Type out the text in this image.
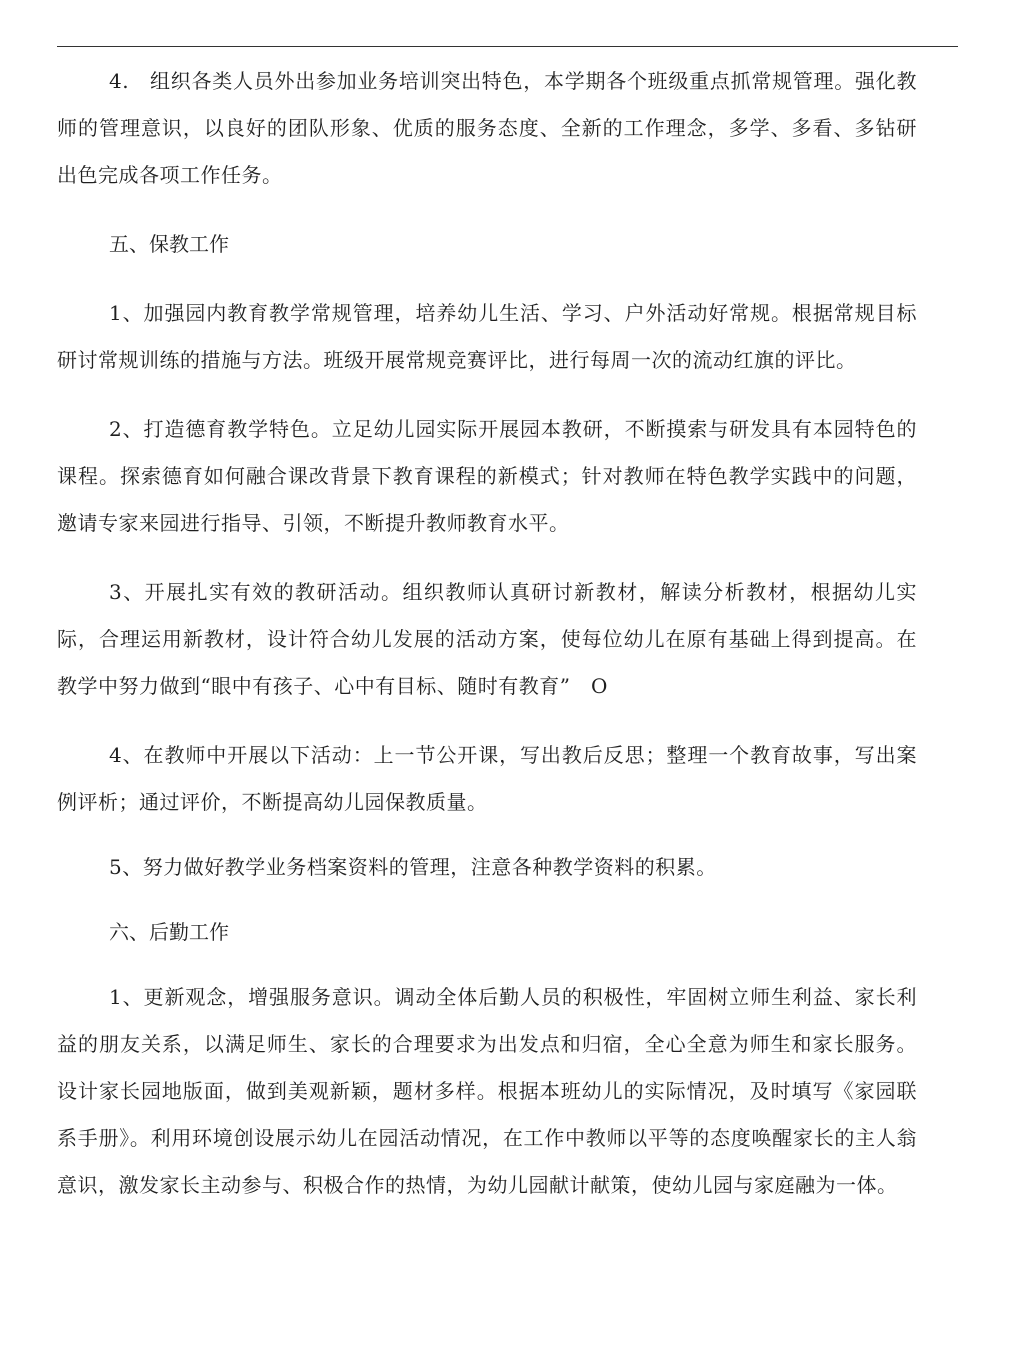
4.　组织各类人员外出参加业务培训突出特色，本学期各个班级重点抓常规管理。强化教师的管理意识，以良好的团队形象、优质的服务态度、全新的工作理念，多学、多看、多钻研出色完成各项工作任务。

五、保教工作

1、加强园内教育教学常规管理，培养幼儿生活、学习、户外活动好常规。根据常规目标研讨常规训练的措施与方法。班级开展常规竞赛评比，进行每周一次的流动红旗的评比。

2、打造德育教学特色。立足幼儿园实际开展园本教研，不断摸索与研发具有本园特色的课程。探索德育如何融合课改背景下教育课程的新模式；针对教师在特色教学实践中的问题，邀请专家来园进行指导、引领，不断提升教师教育水平。

3、开展扎实有效的教研活动。组织教师认真研讨新教材，解读分析教材，根据幼儿实际，合理运用新教材，设计符合幼儿发展的活动方案，使每位幼儿在原有基础上得到提高。在教学中努力做到“眼中有孩子、心中有目标、随时有教育”　O

4、在教师中开展以下活动：上一节公开课，写出教后反思；整理一个教育故事，写出案例评析；通过评价，不断提高幼儿园保教质量。

5、努力做好教学业务档案资料的管理，注意各种教学资料的积累。

六、后勤工作

1、更新观念，增强服务意识。调动全体后勤人员的积极性，牢固树立师生利益、家长利益的朋友关系，以满足师生、家长的合理要求为出发点和归宿，全心全意为师生和家长服务。设计家长园地版面，做到美观新颖，题材多样。根据本班幼儿的实际情况，及时填写《家园联系手册》。利用环境创设展示幼儿在园活动情况，在工作中教师以平等的态度唤醒家长的主人翁意识，激发家长主动参与、积极合作的热情，为幼儿园献计献策，使幼儿园与家庭融为一体。
